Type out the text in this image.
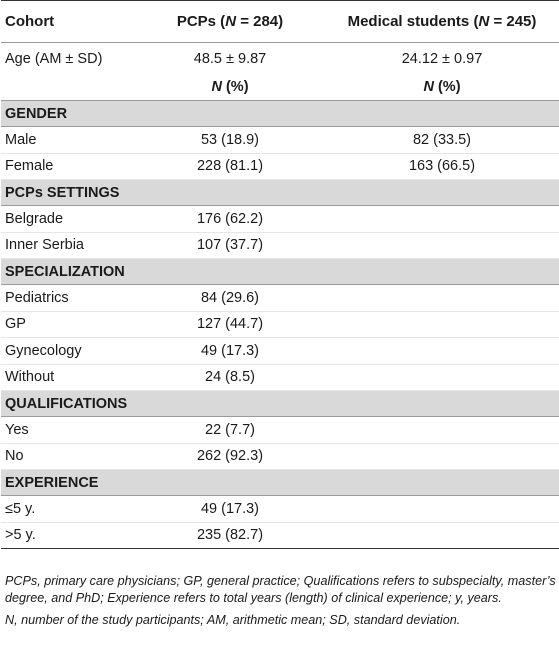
Cohort	PCPs (N = 284)	Medical students (N = 245)
Age (AM ± SD)	48.5 ± 9.87	24.12 ± 0.97
	N (%)	N (%)
GENDER		
Male	53 (18.9)	82 (33.5)
Female	228 (81.1)	163 (66.5)
PCPs SETTINGS		
Belgrade	176 (62.2)	
Inner Serbia	107 (37.7)	
SPECIALIZATION		
Pediatrics	84 (29.6)	
GP	127 (44.7)	
Gynecology	49 (17.3)	
Without	24 (8.5)	
QUALIFICATIONS		
Yes	22 (7.7)	
No	262 (92.3)	
EXPERIENCE		
≤5 y.	49 (17.3)	
>5 y.	235 (82.7)	

PCPs, primary care physicians; GP, general practice; Qualifications refers to subspecialty, master’s degree, and PhD; Experience refers to total years (length) of clinical experience; y, years.

N, number of the study participants; AM, arithmetic mean; SD, standard deviation.
